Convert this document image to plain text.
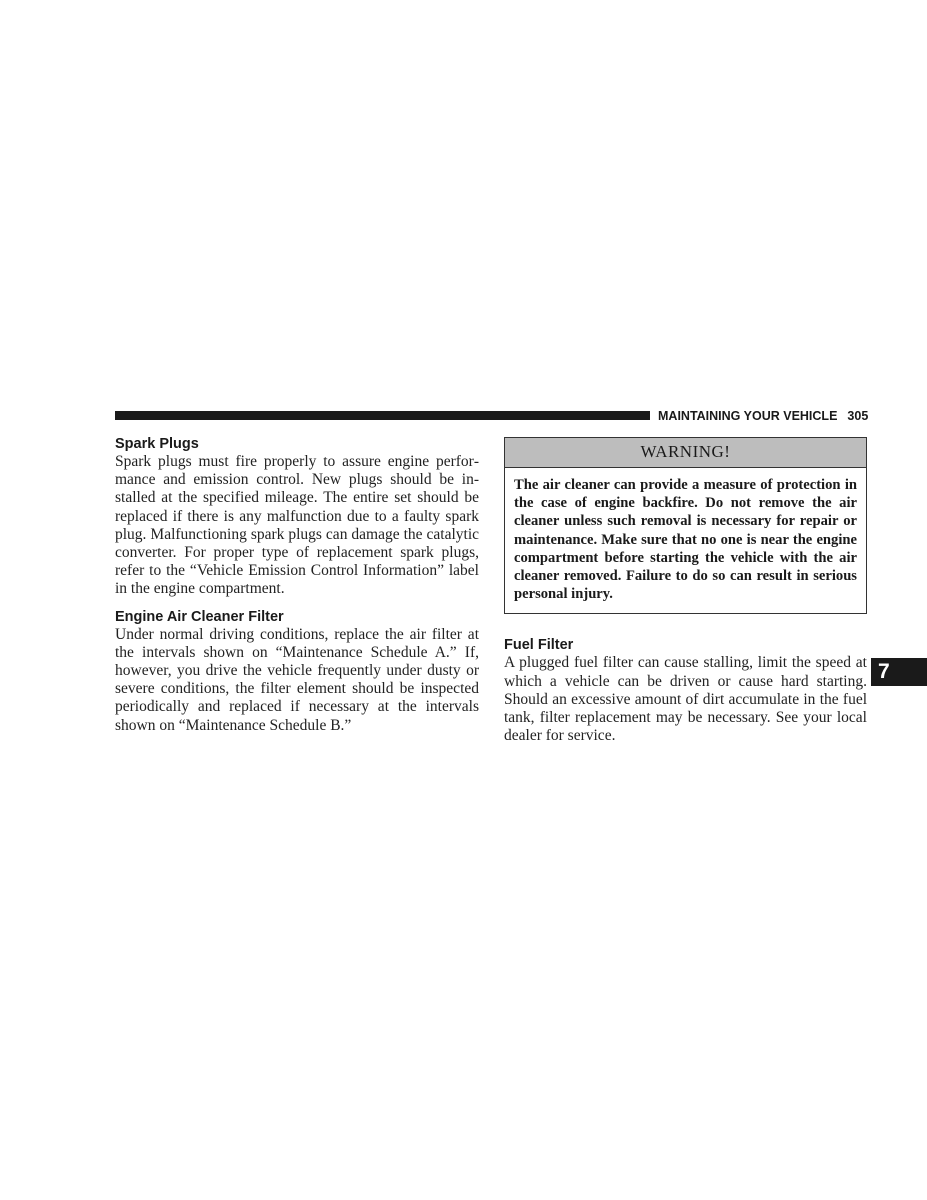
MAINTAINING YOUR VEHICLE 305
Spark Plugs

Spark plugs must fire properly to assure engine performance and emission control. New plugs should be installed at the specified mileage. The entire set should be replaced if there is any malfunction due to a faulty spark plug. Malfunctioning spark plugs can damage the catalytic converter. For proper type of replacement spark plugs, refer to the “Vehicle Emission Control Information” label in the engine compartment.

Engine Air Cleaner Filter

Under normal driving conditions, replace the air filter at the intervals shown on “Maintenance Schedule A.” If, however, you drive the vehicle frequently under dusty or severe conditions, the filter element should be inspected periodically and replaced if necessary at the intervals shown on “Maintenance Schedule B.”

WARNING!
The air cleaner can provide a measure of protection in the case of engine backfire. Do not remove the air cleaner unless such removal is necessary for repair or maintenance. Make sure that no one is near the engine compartment before starting the vehicle with the air cleaner removed. Failure to do so can result in serious personal injury.
Fuel Filter

A plugged fuel filter can cause stalling, limit the speed at which a vehicle can be driven or cause hard starting. Should an excessive amount of dirt accumulate in the fuel tank, filter replacement may be necessary. See your local dealer for service.

7
